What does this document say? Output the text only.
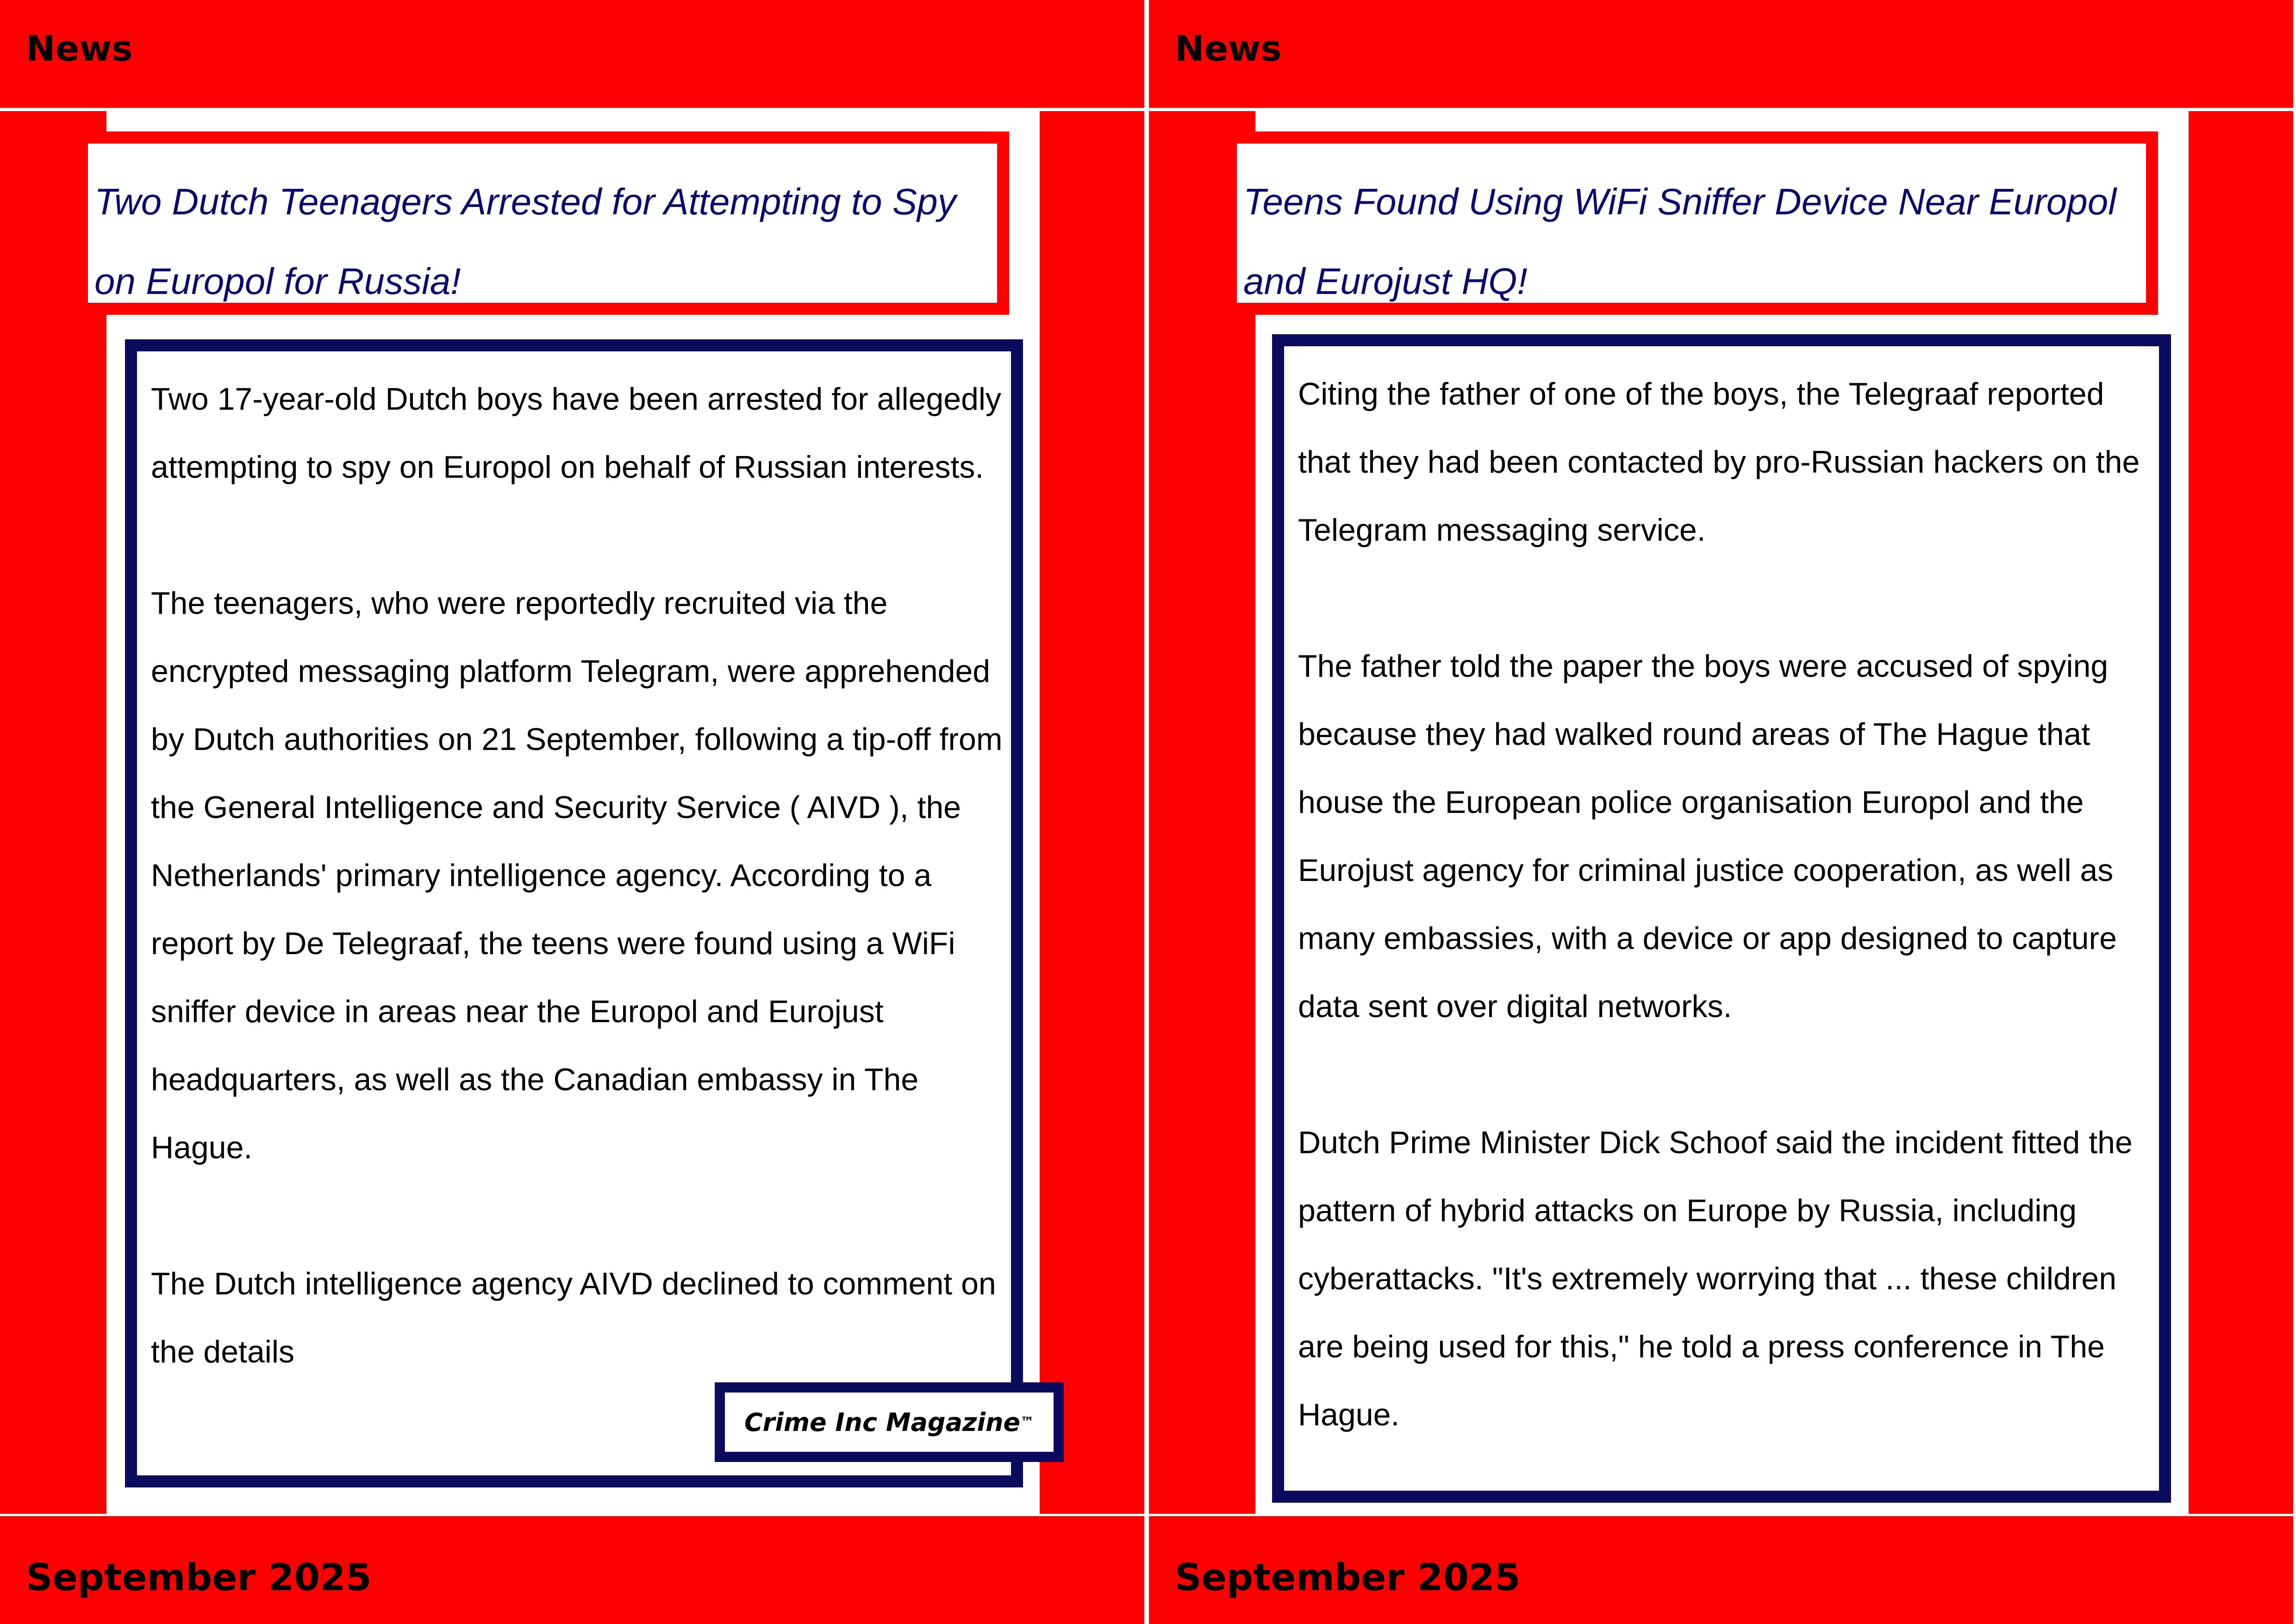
News
Two Dutch Teenagers Arrested for Attempting to Spy on Europol for Russia!

Two 17-year-old Dutch boys have been arrested for allegedly attempting to spy on Europol on behalf of Russian interests.

The teenagers, who were reportedly recruited via the encrypted messaging platform Telegram, were apprehended by Dutch authorities on 21 September, following a tip-off from the General Intelligence and Security Service ( AIVD ), the Netherlands' primary intelligence agency. According to a report by De Telegraaf, the teens were found using a WiFi sniffer device in areas near the Europol and Eurojust headquarters, as well as the Canadian embassy in The Hague.

The Dutch intelligence agency AIVD declined to comment on the details

Crime Inc Magazine ™
September 2025
News
Teens Found Using WiFi Sniffer Device Near Europol and Eurojust HQ!
September 2025

Citing the father of one of the boys, the Telegraaf reported that they had been contacted by pro-Russian hackers on the Telegram messaging service.

The father told the paper the boys were accused of spying because they had walked round areas of The Hague that house the European police organisation Europol and the Eurojust agency for criminal justice cooperation, as well as many embassies, with a device or app designed to capture data sent over digital networks.

Dutch Prime Minister Dick Schoof said the incident fitted the pattern of hybrid attacks on Europe by Russia, including cyberattacks. "It's extremely worrying that ... these children are being used for this," he told a press conference in The Hague.
